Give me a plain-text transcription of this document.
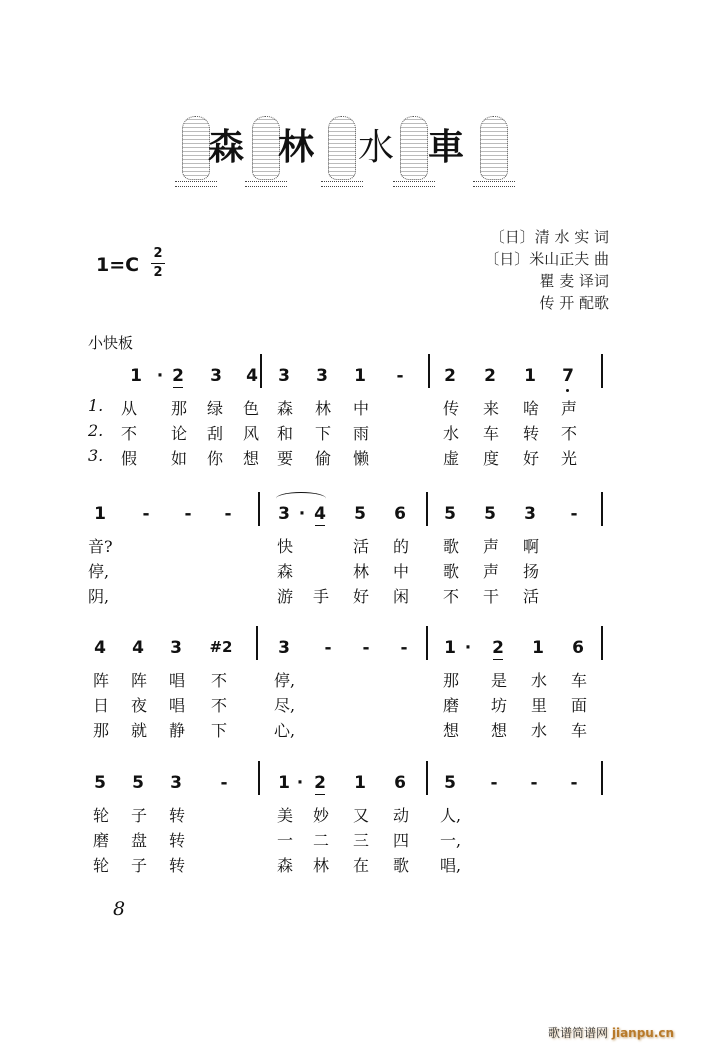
森 林 水 車
〔日〕清 水 实 词
〔日〕米山正夫 曲
瞿 麦 译词
传 开 配歌
1=C
2
2
小快板
1 · 2 3 4 3 3 1	-	2 2 1 7
1. 从 那 绿 色 森 林 中	传 来 啥 声
2. 不 论 刮 风 和 下 雨	水 车 转 不
3. 假 如 你 想 要 偷 懒	虚 度 好 光
1	-	-	-	3 · 4 5 6 5 5 3	-
音?	快	活 的 歌 声 啊
停,	森	林 中 歌 声 扬
阴,	游 手 好 闲 不 干 活
4 4 3 #2	3	-	-	-	1 ·	2 1 6
阵 阵 唱 不	停,	那 是 水 车
日 夜 唱 不	尽,	磨 坊 里 面
那 就 静 下	心,	想 想 水 车
5 5 3	-	1 · 2 1 6 5	-	-	-
轮 子 转	美 妙 又 动 人,
磨 盘 转	一 二 三 四 一,
轮 子 转	森 林 在 歌 唱,
8
歌谱简谱网 jianpu.cn
